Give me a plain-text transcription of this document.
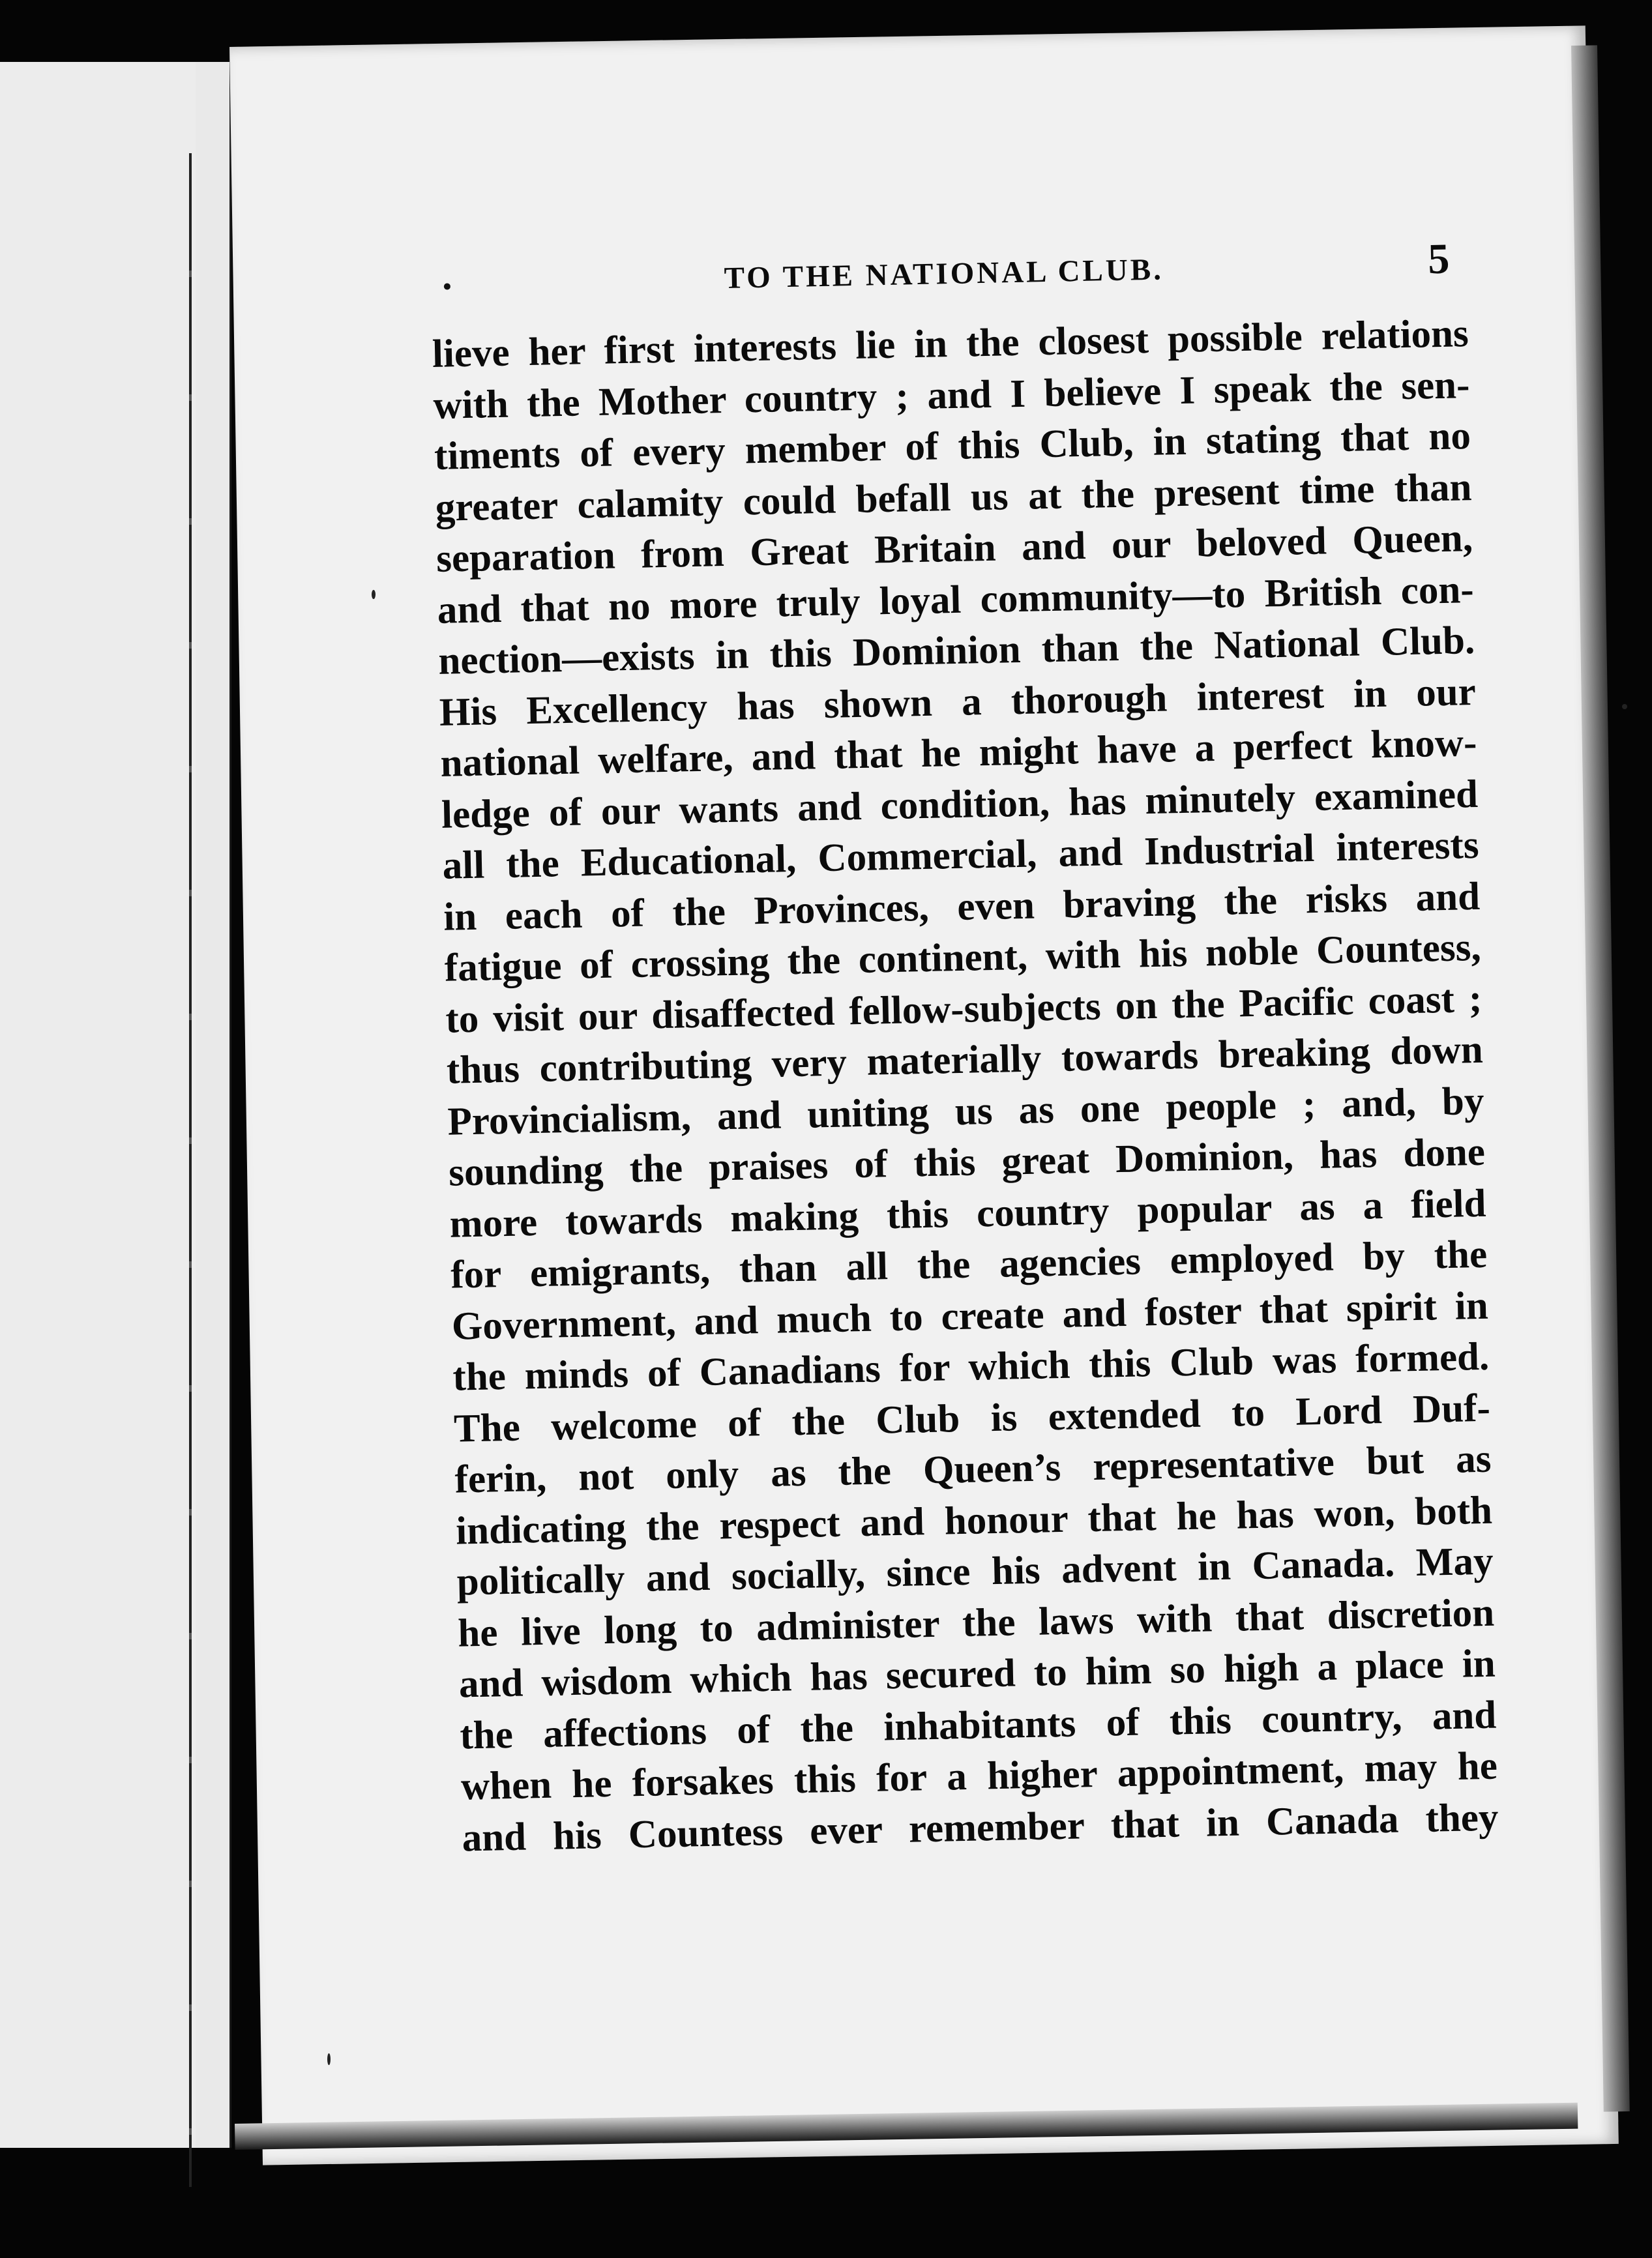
TO THE NATIONAL CLUB.	5
lieve her first interests lie in the closest possible relations
with the Mother country ; and I believe I speak the sen-
timents of every member of this Club, in stating that no
greater calamity could befall us at the present time than
separation from Great Britain and our beloved Queen,
and that no more truly loyal community—to British con-
nection—exists in this Dominion than the National Club.
His Excellency has shown a thorough interest in our
national welfare, and that he might have a perfect know-
ledge of our wants and condition, has minutely examined
all the Educational, Commercial, and Industrial interests
in each of the Provinces, even braving the risks and
fatigue of crossing the continent, with his noble Countess,
to visit our disaffected fellow-subjects on the Pacific coast ;
thus contributing very materially towards breaking down
Provincialism, and uniting us as one people ; and, by
sounding the praises of this great Dominion, has done
more towards making this country popular as a field
for emigrants, than all the agencies employed by the
Government, and much to create and foster that spirit in
the minds of Canadians for which this Club was formed.
The welcome of the Club is extended to Lord Duf-
ferin, not only as the Queen’s representative but as
indicating the respect and honour that he has won, both
politically and socially, since his advent in Canada. May
he live long to administer the laws with that discretion
and wisdom which has secured to him so high a place in
the affections of the inhabitants of this country, and
when he forsakes this for a higher appointment, may he
and his Countess ever remember that in Canada they
